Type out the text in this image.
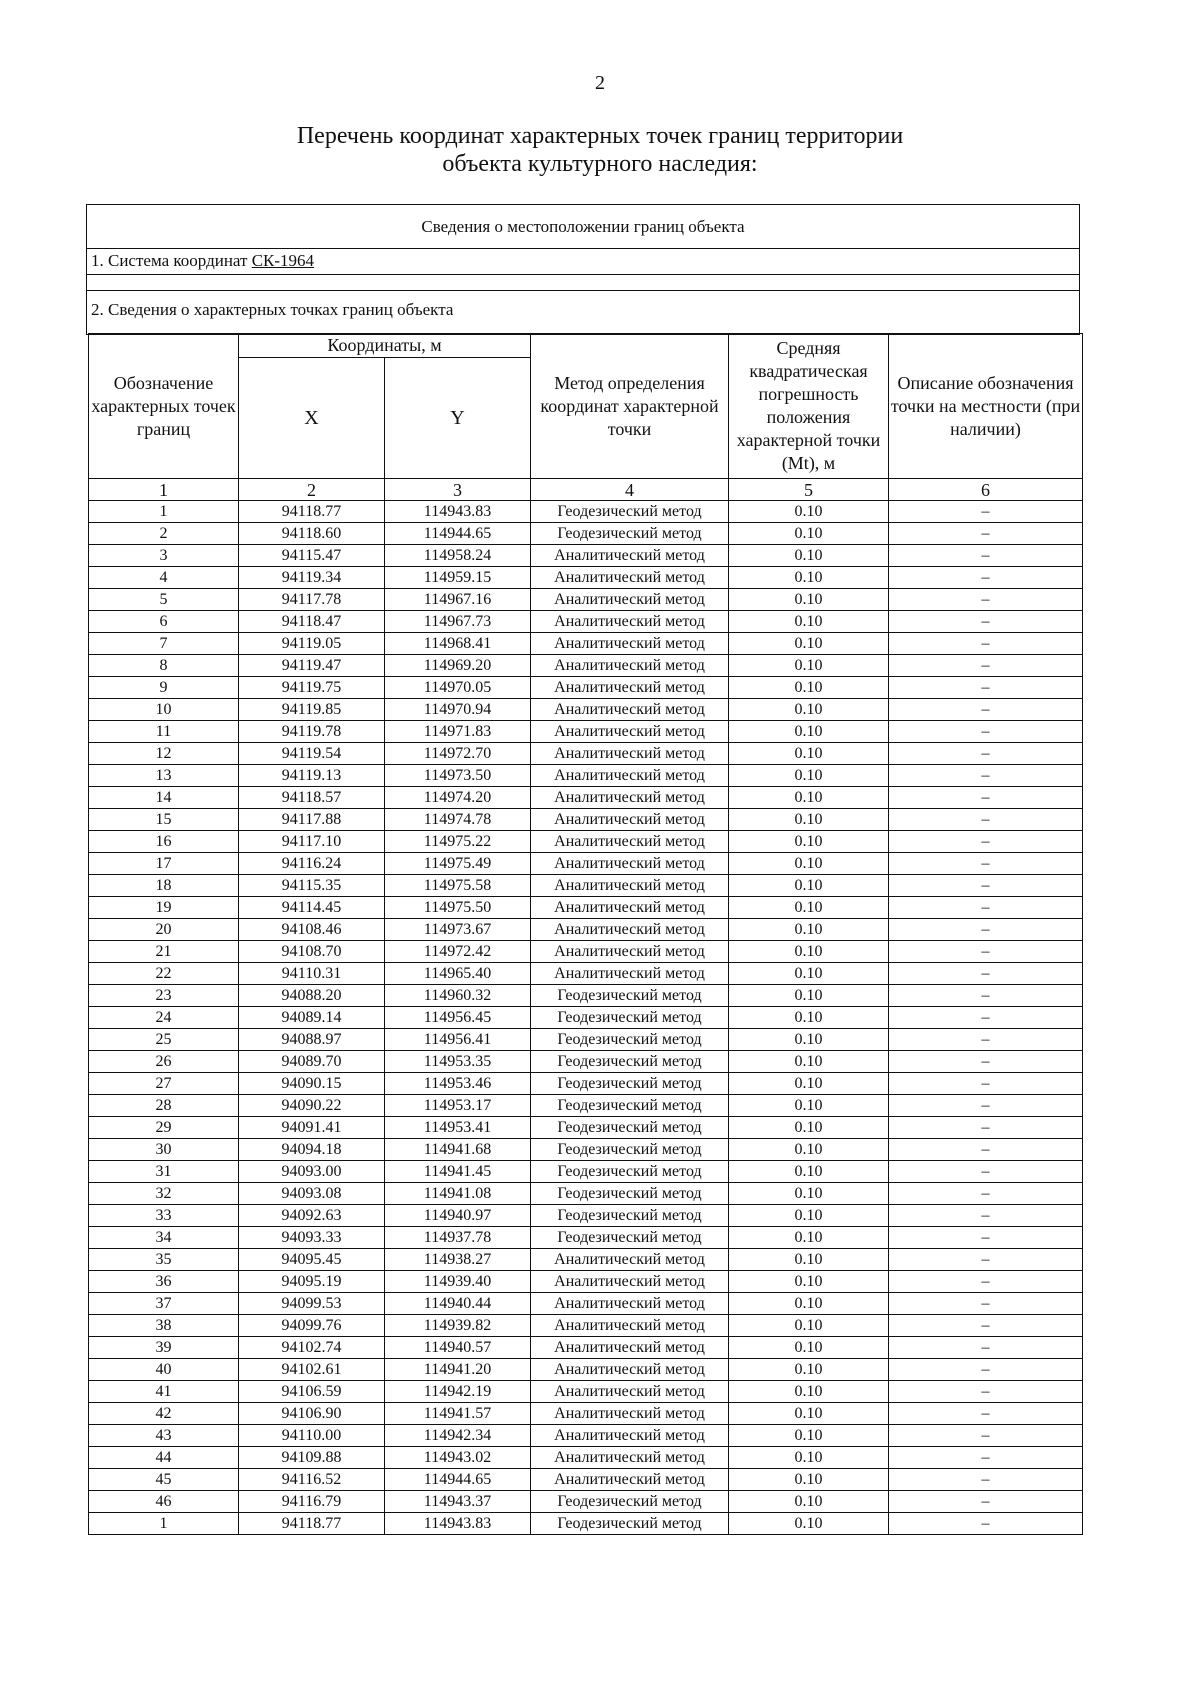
2
Перечень координат характерных точек границ территории
объекта культурного наследия:
Сведения о местоположении границ объекта
1. Система координат СК-1964
2. Сведения о характерных точках границ объекта
Обозначение характерных точек границ	Координаты, м		Метод определения координат характерной точки	Средняя квадратическая погрешность положения характерной точки (Mt), м	Описание обозначения точки на местности (при наличии)
	X	Y			
1	2	3	4	5	6
1	94118.77	114943.83	Геодезический метод	0.10	–
2	94118.60	114944.65	Геодезический метод	0.10	–
3	94115.47	114958.24	Аналитический метод	0.10	–
4	94119.34	114959.15	Аналитический метод	0.10	–
5	94117.78	114967.16	Аналитический метод	0.10	–
6	94118.47	114967.73	Аналитический метод	0.10	–
7	94119.05	114968.41	Аналитический метод	0.10	–
8	94119.47	114969.20	Аналитический метод	0.10	–
9	94119.75	114970.05	Аналитический метод	0.10	–
10	94119.85	114970.94	Аналитический метод	0.10	–
11	94119.78	114971.83	Аналитический метод	0.10	–
12	94119.54	114972.70	Аналитический метод	0.10	–
13	94119.13	114973.50	Аналитический метод	0.10	–
14	94118.57	114974.20	Аналитический метод	0.10	–
15	94117.88	114974.78	Аналитический метод	0.10	–
16	94117.10	114975.22	Аналитический метод	0.10	–
17	94116.24	114975.49	Аналитический метод	0.10	–
18	94115.35	114975.58	Аналитический метод	0.10	–
19	94114.45	114975.50	Аналитический метод	0.10	–
20	94108.46	114973.67	Аналитический метод	0.10	–
21	94108.70	114972.42	Аналитический метод	0.10	–
22	94110.31	114965.40	Аналитический метод	0.10	–
23	94088.20	114960.32	Геодезический метод	0.10	–
24	94089.14	114956.45	Геодезический метод	0.10	–
25	94088.97	114956.41	Геодезический метод	0.10	–
26	94089.70	114953.35	Геодезический метод	0.10	–
27	94090.15	114953.46	Геодезический метод	0.10	–
28	94090.22	114953.17	Геодезический метод	0.10	–
29	94091.41	114953.41	Геодезический метод	0.10	–
30	94094.18	114941.68	Геодезический метод	0.10	–
31	94093.00	114941.45	Геодезический метод	0.10	–
32	94093.08	114941.08	Геодезический метод	0.10	–
33	94092.63	114940.97	Геодезический метод	0.10	–
34	94093.33	114937.78	Геодезический метод	0.10	–
35	94095.45	114938.27	Аналитический метод	0.10	–
36	94095.19	114939.40	Аналитический метод	0.10	–
37	94099.53	114940.44	Аналитический метод	0.10	–
38	94099.76	114939.82	Аналитический метод	0.10	–
39	94102.74	114940.57	Аналитический метод	0.10	–
40	94102.61	114941.20	Аналитический метод	0.10	–
41	94106.59	114942.19	Аналитический метод	0.10	–
42	94106.90	114941.57	Аналитический метод	0.10	–
43	94110.00	114942.34	Аналитический метод	0.10	–
44	94109.88	114943.02	Аналитический метод	0.10	–
45	94116.52	114944.65	Аналитический метод	0.10	–
46	94116.79	114943.37	Геодезический метод	0.10	–
1	94118.77	114943.83	Геодезический метод	0.10	–
